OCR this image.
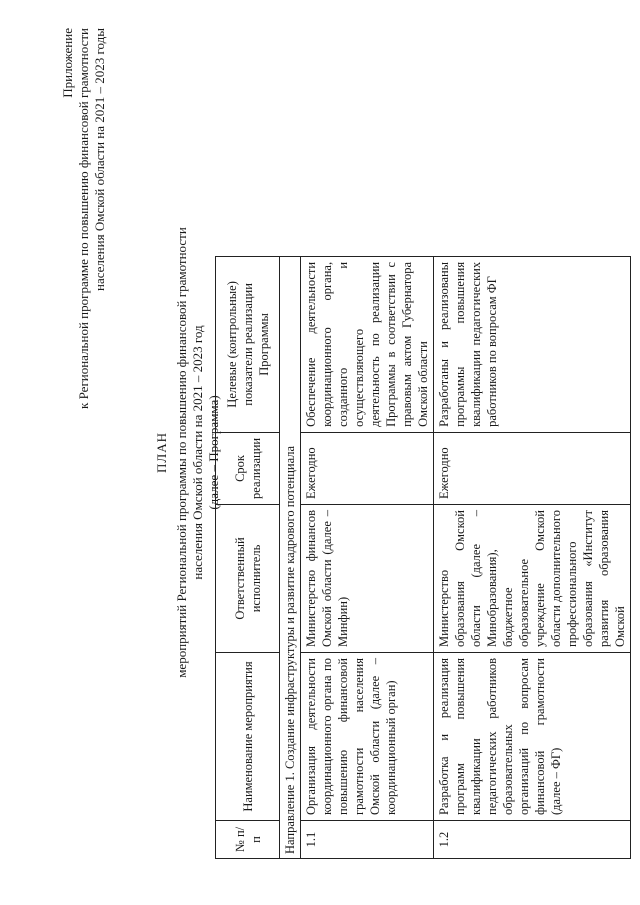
Приложение к Региональной программе по повышению финансовой грамотности населения Омской области на 2021 – 2023 годы
ПЛАН мероприятий Региональной программы по повышению финансовой грамотности населения Омской области на 2021 – 2023 год (далее – Программа)
№ п/п	Наименование мероприятия	Ответственный исполнитель	Срок реализации	Целевые (контрольные) показатели реализации Программы
Направление 1. Создание инфраструктуры и развитие кадрового потенциала				
1.1	Организация деятельности координационного органа по повышению финансовой грамотности населения Омской области (далее – координационный орган)	Министерство финансов Омской области (далее – Минфин)	Ежегодно	Обеспечение деятельности координационного органа, созданного и осуществляющего деятельность по реализации Программы в соответствии с правовым актом Губернатора Омской области
1.2	Разработка и реализация программ повышения квалификации педагогических работников образовательных организаций по вопросам финансовой грамотности (далее – ФГ)	Министерство образования Омской области (далее – Минобразования), бюджетное образовательное учреждение Омской области дополнительного профессионального образования «Институт развития образования Омской	Ежегодно	Разработаны и реализованы программы повышения квалификации педагогических работников по вопросам ФГ
